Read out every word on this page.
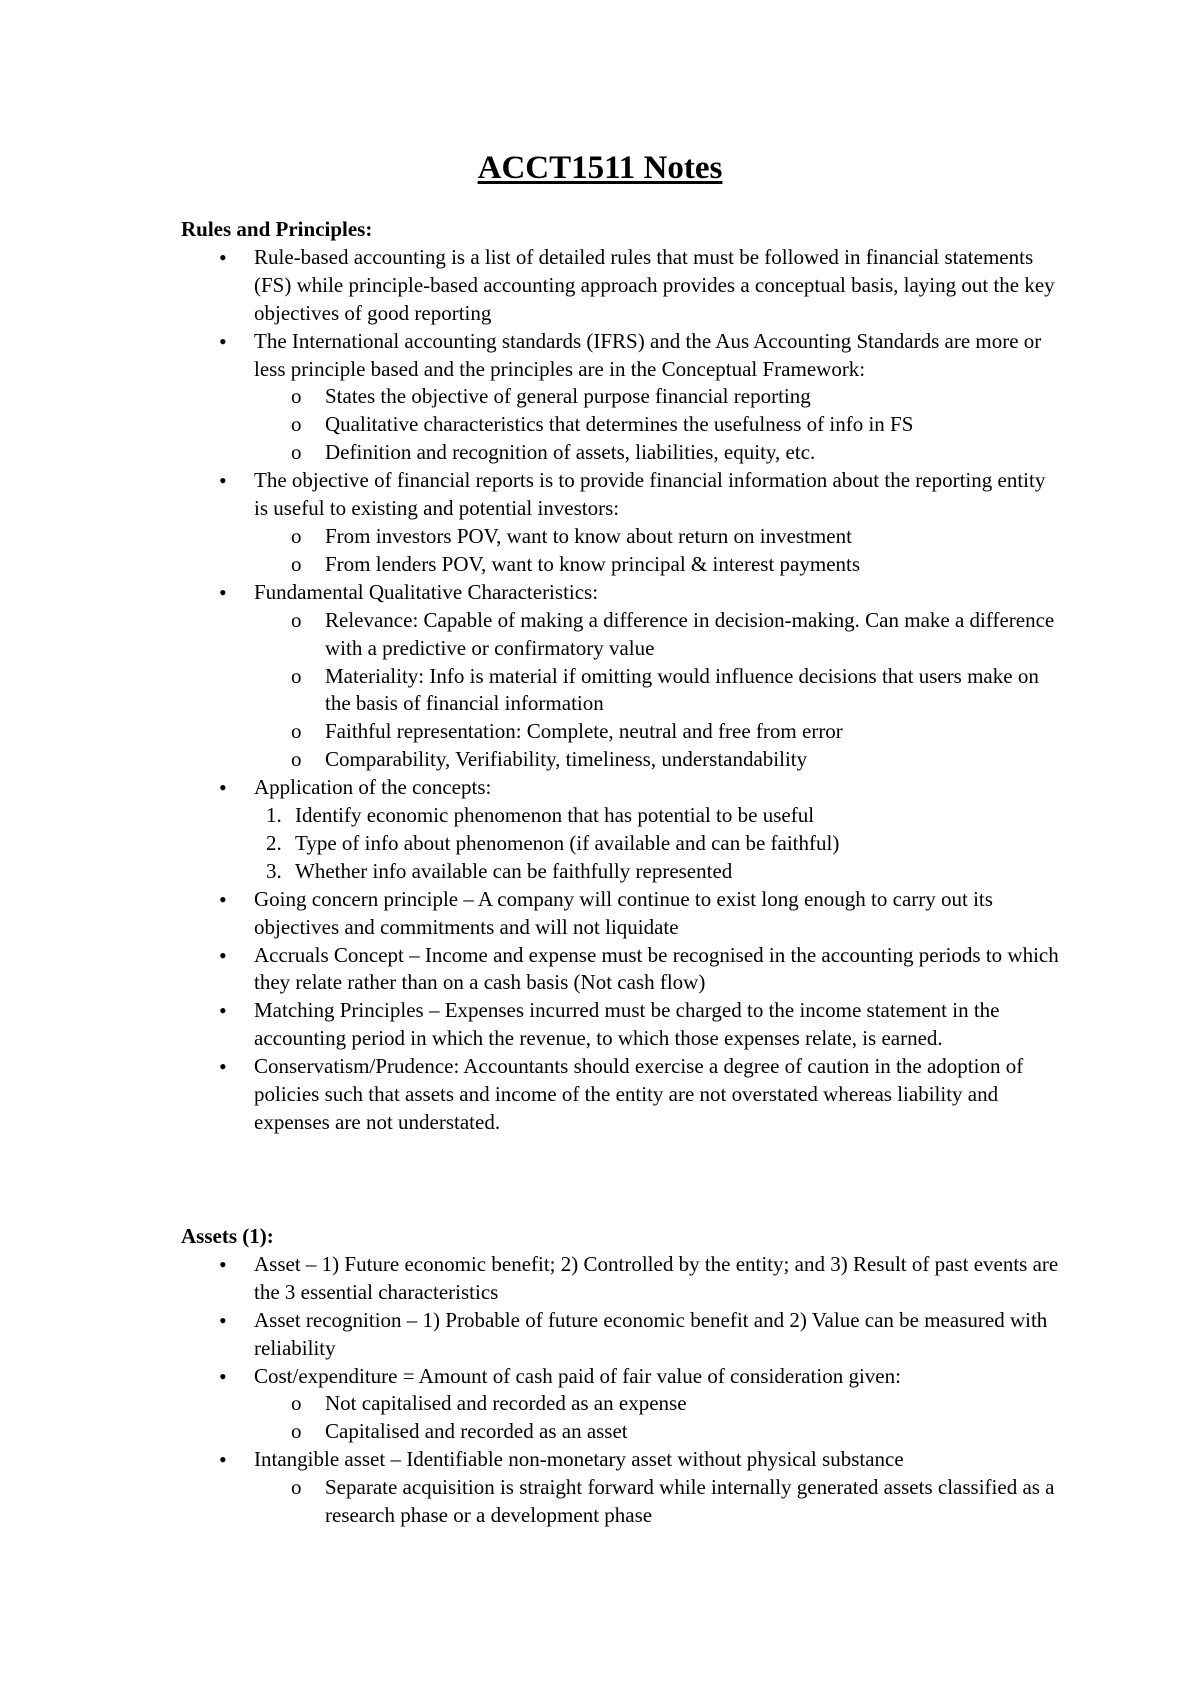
ACCT1511 Notes
Rules and Principles:
• Rule-based accounting is a list of detailed rules that must be followed in financial statements (FS) while principle-based accounting approach provides a conceptual basis, laying out the key objectives of good reporting
• The International accounting standards (IFRS) and the Aus Accounting Standards are more or less principle based and the principles are in the Conceptual Framework:
o States the objective of general purpose financial reporting
o Qualitative characteristics that determines the usefulness of info in FS
o Definition and recognition of assets, liabilities, equity, etc.
• The objective of financial reports is to provide financial information about the reporting entity is useful to existing and potential investors:
o From investors POV, want to know about return on investment
o From lenders POV, want to know principal & interest payments
• Fundamental Qualitative Characteristics:
o Relevance: Capable of making a difference in decision-making. Can make a difference with a predictive or confirmatory value
o Materiality: Info is material if omitting would influence decisions that users make on the basis of financial information
o Faithful representation: Complete, neutral and free from error
o Comparability, Verifiability, timeliness, understandability
• Application of the concepts:
1. Identify economic phenomenon that has potential to be useful
2. Type of info about phenomenon (if available and can be faithful)
3. Whether info available can be faithfully represented
• Going concern principle – A company will continue to exist long enough to carry out its objectives and commitments and will not liquidate
• Accruals Concept – Income and expense must be recognised in the accounting periods to which they relate rather than on a cash basis (Not cash flow)
• Matching Principles – Expenses incurred must be charged to the income statement in the accounting period in which the revenue, to which those expenses relate, is earned.
• Conservatism/Prudence: Accountants should exercise a degree of caution in the adoption of policies such that assets and income of the entity are not overstated whereas liability and expenses are not understated.
Assets (1):
• Asset – 1) Future economic benefit; 2) Controlled by the entity; and 3) Result of past events are the 3 essential characteristics
• Asset recognition – 1) Probable of future economic benefit and 2) Value can be measured with reliability
• Cost/expenditure = Amount of cash paid of fair value of consideration given:
o Not capitalised and recorded as an expense
o Capitalised and recorded as an asset
• Intangible asset – Identifiable non-monetary asset without physical substance
o Separate acquisition is straight forward while internally generated assets classified as a research phase or a development phase
